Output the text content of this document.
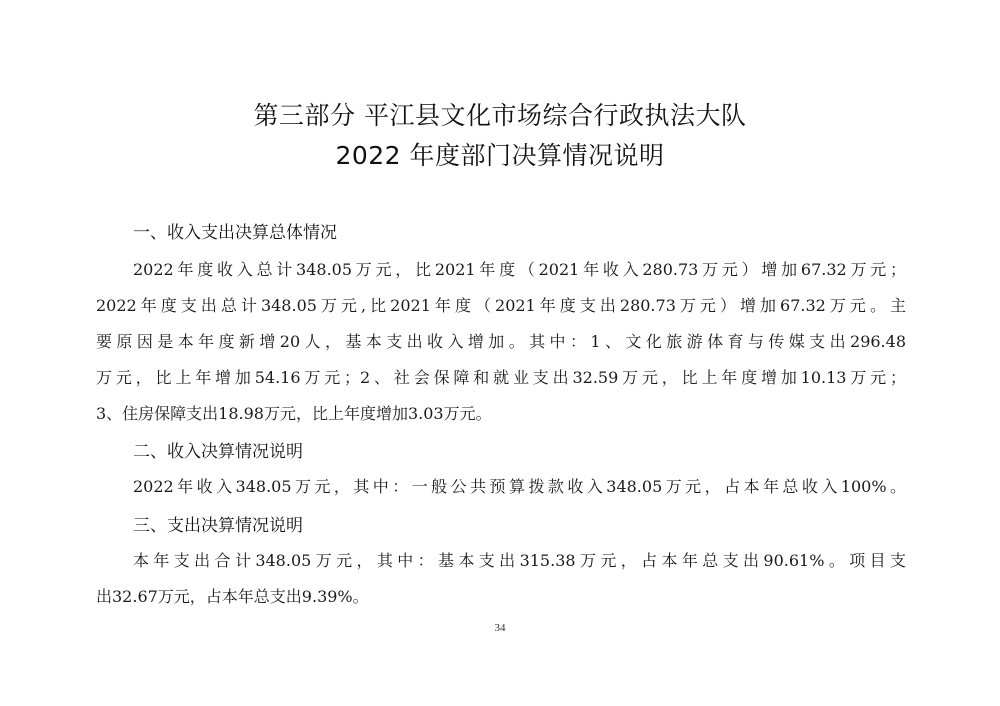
第三部分 平江县文化市场综合行政执法大队
2022 年度部门决算情况说明
一、收入支出决算总体情况
2022年度收入总计348.05万元，比2021年度（2021年收入280.73万元）增加67.32万元；
2022年度支出总计348.05万元,比2021年度（2021年度支出280.73万元）增加67.32万元。主
要原因是本年度新增20人，基本支出收入增加。其中：1、文化旅游体育与传媒支出296.48
万元，比上年增加54.16万元；2、社会保障和就业支出32.59万元，比上年度增加10.13万元；
3、住房保障支出18.98万元，比上年度增加3.03万元。
二、收入决算情况说明
2022年收入348.05万元，其中：一般公共预算拨款收入348.05万元，占本年总收入100%。
三、支出决算情况说明
本年支出合计348.05万元，其中：基本支出315.38万元，占本年总支出90.61%。项目支
出32.67万元，占本年总支出9.39%。
34
